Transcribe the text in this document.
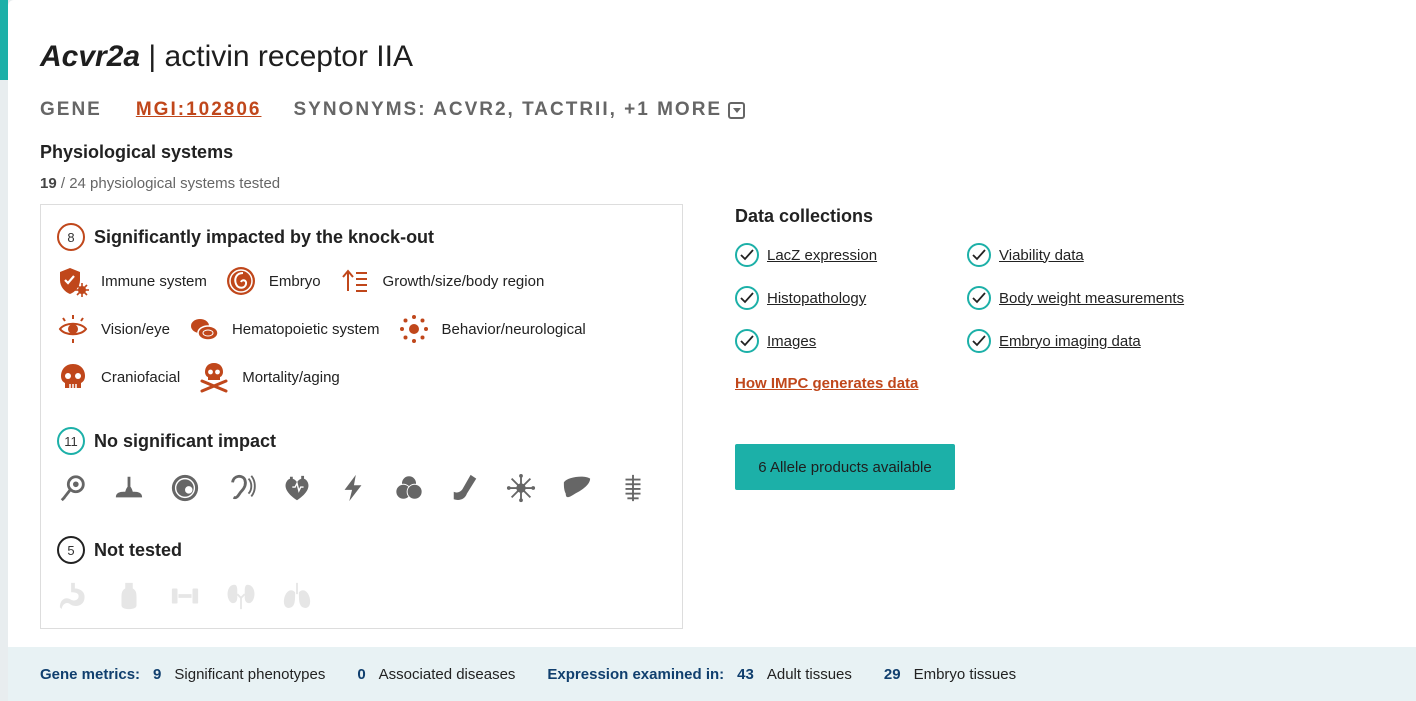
Acvr2a | activin receptor IIA
GENE MGI:102806 SYNONYMS: ACVR2, TACTRII, +1 MORE
Physiological systems
19 / 24 physiological systems tested
8	Significantly impacted by the knock-out
Immune system	Embryo	Growth/size/body region
Vision/eye	Hematopoietic system	Behavior/neurological
Craniofacial	Mortality/aging
11 No significant impact
5	Not tested
Data collections
LacZ expression	Viability data
Histopathology	Body weight measurements
Images	Embryo imaging data
How IMPC generates data
6 Allele products available
Gene metrics: 9 Significant phenotypes 0 Associated diseases Expression examined in: 43 Adult tissues 29 Embryo tissues
